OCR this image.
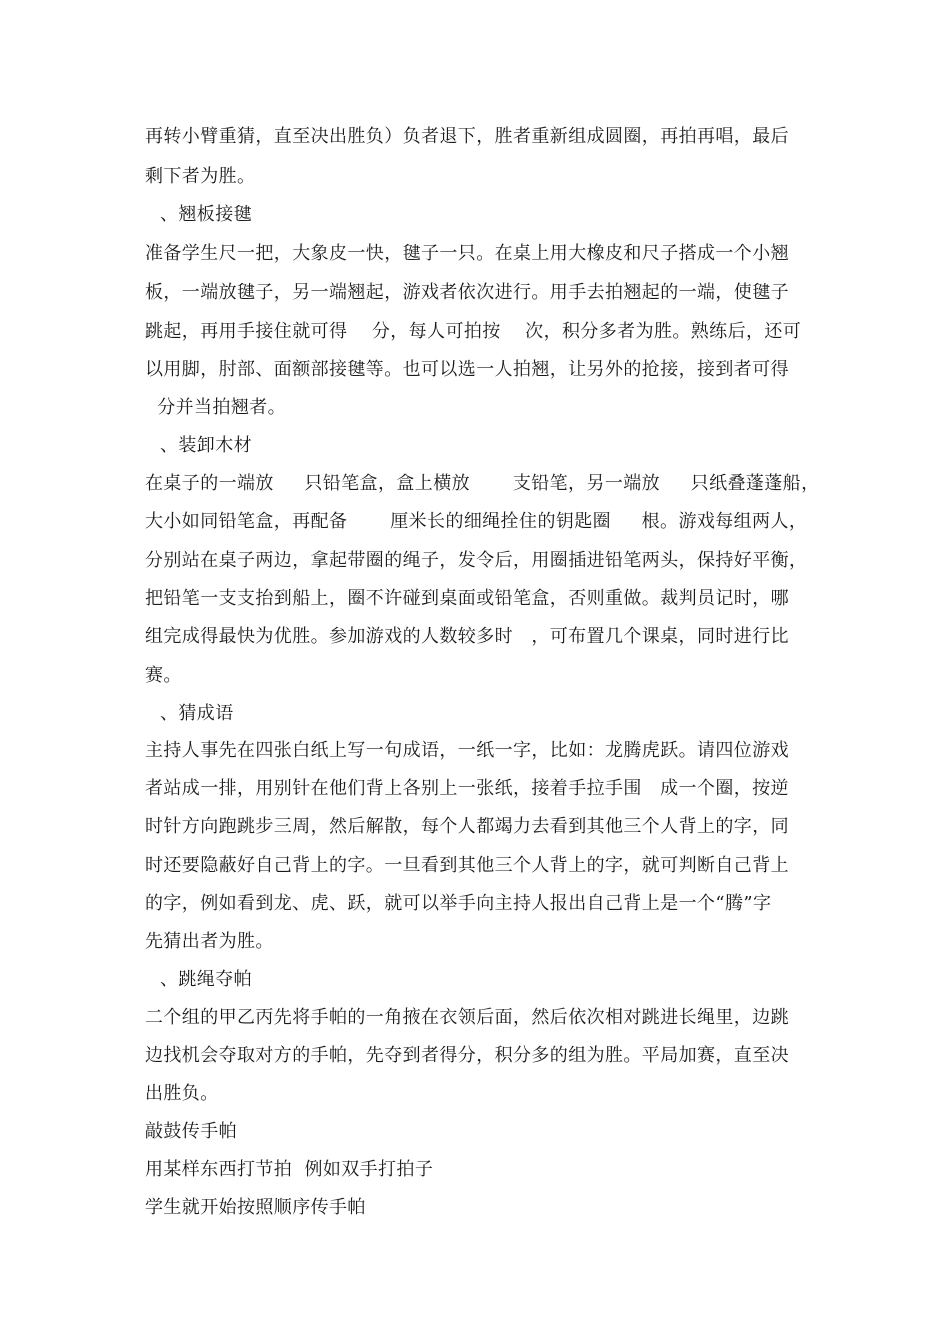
再转小臂重猜，直至决出胜负）负者退下，胜者重新组成圆圈，再拍再唱，最后
剩下者为胜。
、翘板接毽
准备学生尺一把，大象皮一快，毽子一只。在桌上用大橡皮和尺子搭成一个小翘
板，一端放毽子，另一端翘起，游戏者依次进行。用手去拍翘起的一端，使毽子
跳起，再用手接住就可得    分，每人可拍按    次，积分多者为胜。熟练后，还可
以用脚，肘部、面额部接毽等。也可以选一人拍翘，让另外的抢接，接到者可得
分并当拍翘者。
、装卸木材
在桌子的一端放     只铅笔盒，盒上横放       支铅笔，另一端放     只纸叠蓬蓬船，
大小如同铅笔盒，再配备       厘米长的细绳拴住的钥匙圈     根。游戏每组两人，
分别站在桌子两边，拿起带圈的绳子，发令后，用圈插进铅笔两头，保持好平衡，
把铅笔一支支抬到船上，圈不许碰到桌面或铅笔盒，否则重做。裁判员记时，哪
组完成得最快为优胜。参加游戏的人数较多时   ，可布置几个课桌，同时进行比
赛。
、猜成语
主持人事先在四张白纸上写一句成语，一纸一字，比如：龙腾虎跃。请四位游戏
者站成一排，用别针在他们背上各别上一张纸，接着手拉手围   成一个圈，按逆
时针方向跑跳步三周，然后解散，每个人都竭力去看到其他三个人背上的字，同
时还要隐蔽好自己背上的字。一旦看到其他三个人背上的字，就可判断自己背上
的字，例如看到龙、虎、跃，就可以举手向主持人报出自己背上是一个“腾”字
先猜出者为胜。
、跳绳夺帕
二个组的甲乙丙先将手帕的一角掖在衣领后面，然后依次相对跳进长绳里，边跳
边找机会夺取对方的手帕，先夺到者得分，积分多的组为胜。平局加赛，直至决
出胜负。
敲鼓传手帕
用某样东西打节拍  例如双手打拍子
学生就开始按照顺序传手帕
